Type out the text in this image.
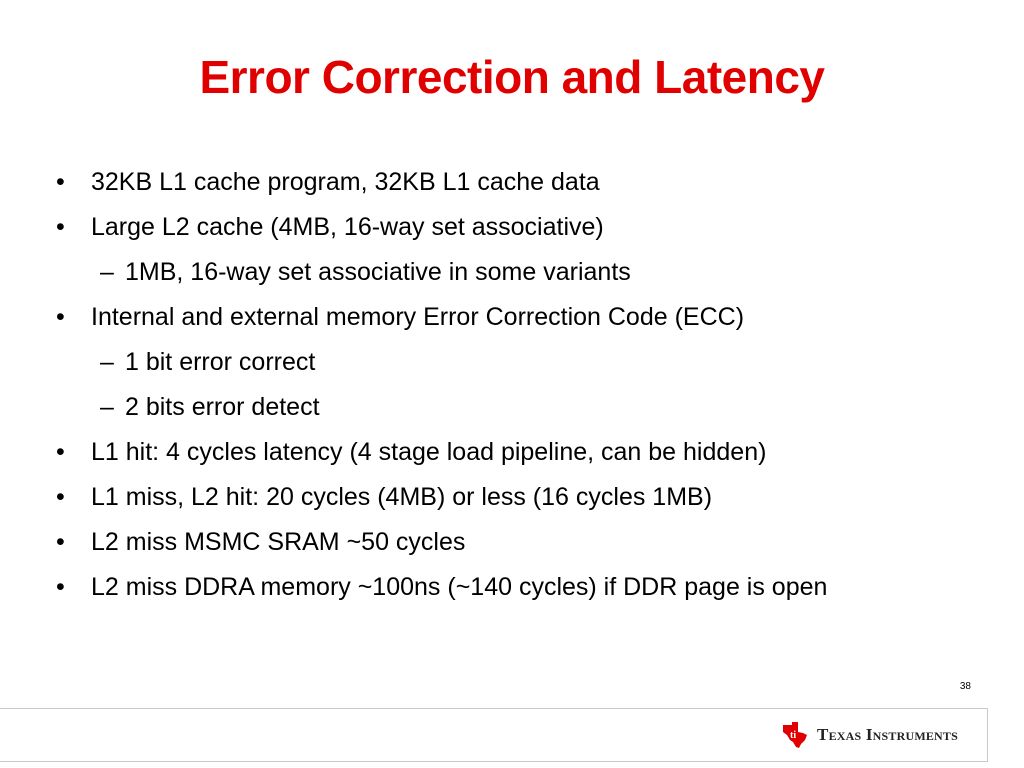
Error Correction and Latency
• 32KB L1 cache program, 32KB L1 cache data
• Large L2 cache (4MB, 16-way set associative)
– 1MB, 16-way set associative in some variants
• Internal and external memory Error Correction Code (ECC)
– 1 bit error correct
– 2 bits error detect
• L1 hit: 4 cycles latency (4 stage load pipeline, can be hidden)
• L1 miss, L2 hit: 20 cycles (4MB) or less (16 cycles 1MB)
• L2 miss MSMC SRAM ~50 cycles
• L2 miss DDRA memory ~100ns (~140 cycles) if DDR page is open
38
ti Texas Instruments
